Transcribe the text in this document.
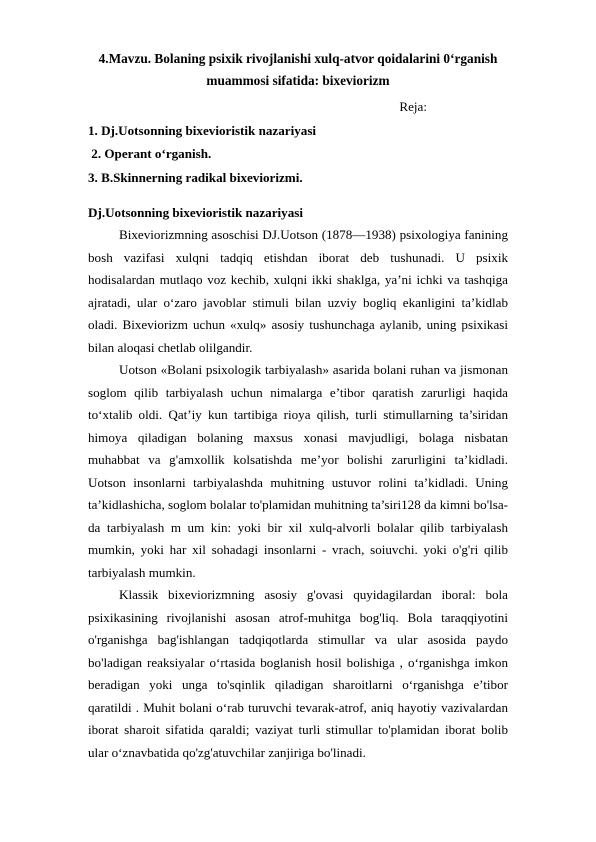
4.Mavzu. Bolaning psixik rivojlanishi xulq-atvor qoidalarini 0‘rganish muammosi sifatida: bixeviorizm
Reja:
1. Dj.Uotsonning bixevioristik nazariyasi
2. Operant o‘rganish.
3. B.Skinnerning radikal bixeviorizmi.
Dj.Uotsonning bixevioristik nazariyasi

Bixeviorizmning asoschisi DJ.Uotson (1878—1938) psixologiya fanining bosh vazifasi xulqni tadqiq etishdan iborat deb tushunadi. U psixik hodisalardan mutlaqo voz kechib, xulqni ikki shaklga, ya’ni ichki va tashqiga ajratadi, ular o‘zaro javoblar stimuli bilan uzviy bogliq ekanligini ta’kidlab oladi. Bixeviorizm uchun «xulq» asosiy tushunchaga aylanib, uning psixikasi bilan aloqasi chetlab olilgandir.

Uotson «Bolani psixologik tarbiyalash» asarida bolani ruhan va jismonan soglom qilib tarbiyalash uchun nimalarga e’tibor qaratish zarurligi haqida to‘xtalib oldi. Qat’iy kun tartibiga rioya qilish, turli stimullarning ta’siridan himoya qiladigan bolaning maxsus xonasi mavjudligi, bolaga nisbatan muhabbat va g'amxollik kolsatishda me’yor bolishi zarurligini ta’kidladi. Uotson insonlarni tarbiyalashda muhitning ustuvor rolini ta’kidladi. Uning ta’kidlashicha, soglom bolalar to'plamidan muhitning ta’siri128 da kimni bo'lsa-da tarbiyalash m um kin: yoki bir xil xulq-alvorli bolalar qilib tarbiyalash mumkin, yoki har xil sohadagi insonlarni - vrach, soiuvchi. yoki o'g'ri qilib tarbiyalash mumkin.

Klassik bixeviorizmning asosiy g'ovasi quyidagilardan iboral: bola psixikasining rivojlanishi asosan atrof-muhitga bog'liq. Bola taraqqiyotini o'rganishga bag'ishlangan tadqiqotlarda stimullar va ular asosida paydo bo'ladigan reaksiyalar o‘rtasida boglanish hosil bolishiga , o‘rganishga imkon beradigan yoki unga to'sqinlik qiladigan sharoitlarni o‘rganishga e’tibor qaratildi . Muhit bolani o‘rab turuvchi tevarak-atrof, aniq hayotiy vazivalardan iborat sharoit sifatida qaraldi; vaziyat turli stimullar to'plamidan iborat bolib ular o‘znavbatida qo'zg'atuvchilar zanjiriga bo'linadi.
